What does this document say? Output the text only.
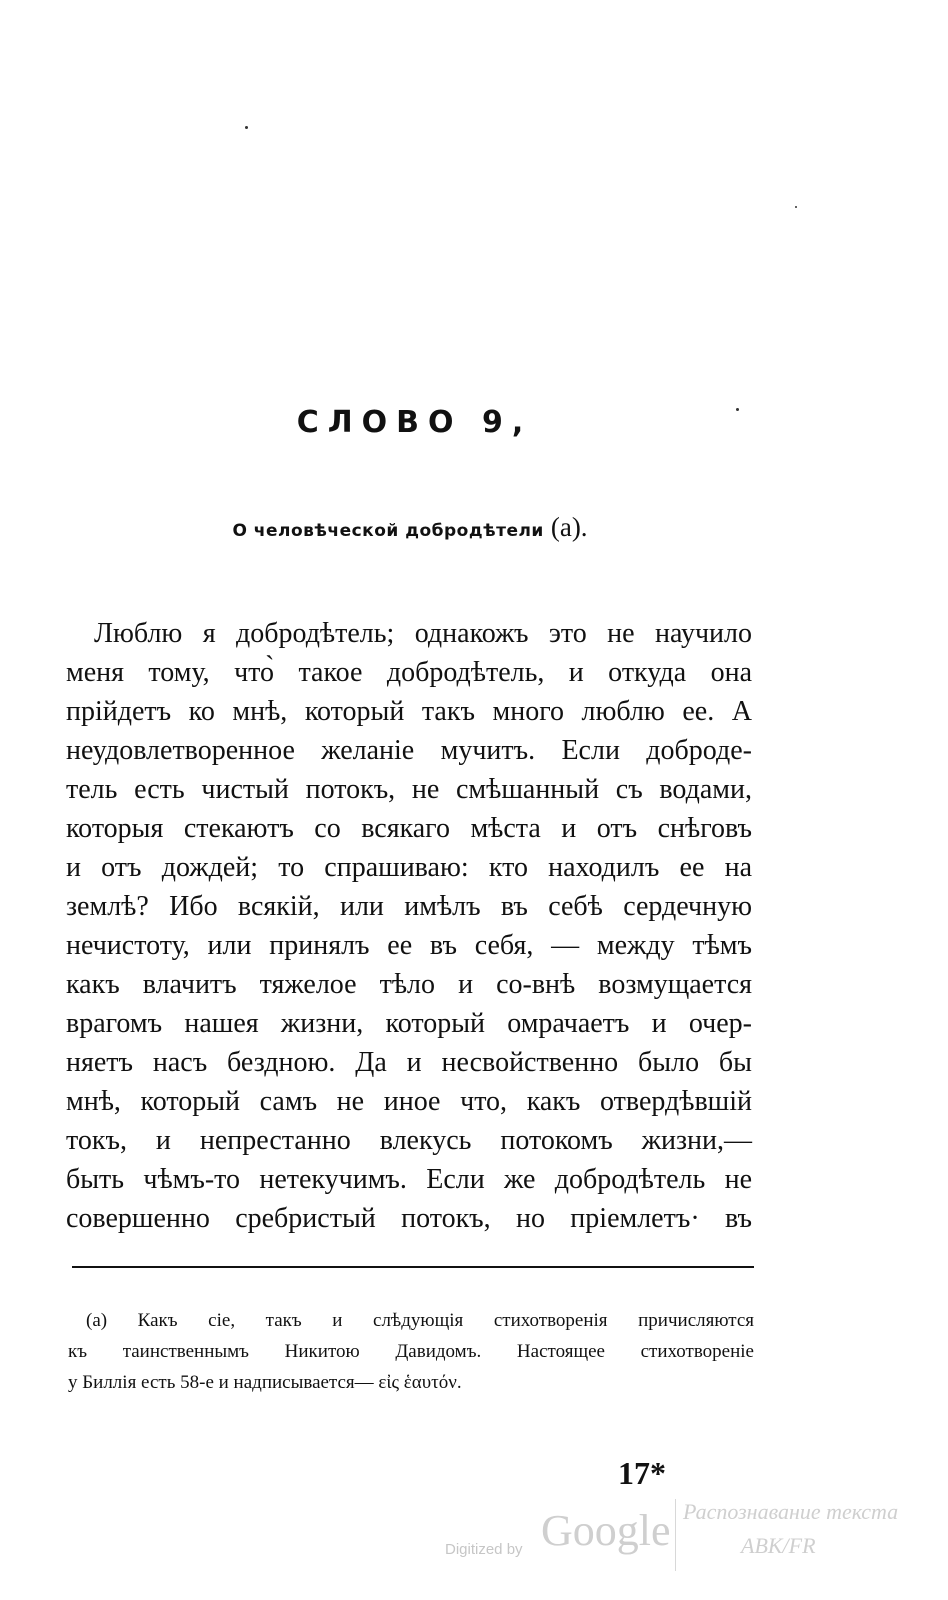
СЛОВО 9,
О человѣческой добродѣтели (а).
Люблю я добродѣтель; однакожъ это не научило
меня тому, что̀ такое добродѣтель, и откуда она
прійдетъ ко мнѣ, который такъ много люблю ее. А
неудовлетворенное желаніе мучитъ. Если доброде-
тель есть чистый потокъ, не смѣшанный съ водами,
которыя стекаютъ со всякаго мѣста и отъ снѣговъ
и отъ дождей; то спрашиваю: кто находилъ ее на
землѣ? Ибо всякій, или имѣлъ въ себѣ сердечную
нечистоту, или принялъ ее въ себя, — между тѣмъ
какъ влачитъ тяжелое тѣло и со-внѣ возмущается
врагомъ нашея жизни, который омрачаетъ и очер-
няетъ насъ бездною. Да и несвойственно было бы
мнѣ, который самъ не иное что, какъ отвердѣвшій
токъ, и непрестанно влекусь потокомъ жизни,—
быть чѣмъ-то нетекучимъ. Если же добродѣтель не
совершенно сребристый потокъ, но пріемлетъ· въ
(а) Какъ сіе, такъ и слѣдующія стихотворенія причисляются
къ таинственнымъ Никитою Давидомъ. Настоящее стихотвореніе
у Биллія есть 58-е и надписывается— εἰς ἑαυτόν.
17*
Digitized by Google Распознавание текста
ABK/FR
